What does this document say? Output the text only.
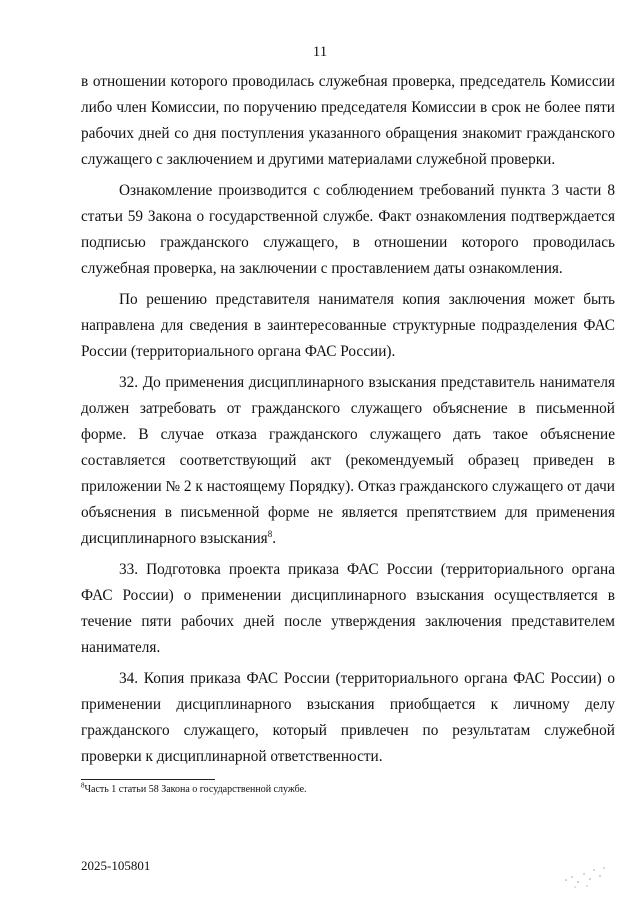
11

в отношении которого проводилась служебная проверка, председатель Комиссии либо член Комиссии, по поручению председателя Комиссии в срок не более пяти рабочих дней со дня поступления указанного обращения знакомит гражданского служащего с заключением и другими материалами служебной проверки.

Ознакомление производится с соблюдением требований пункта 3 части 8 статьи 59 Закона о государственной службе. Факт ознакомления подтверждается подписью гражданского служащего, в отношении которого проводилась служебная проверка, на заключении с проставлением даты ознакомления.

По решению представителя нанимателя копия заключения может быть направлена для сведения в заинтересованные структурные подразделения ФАС России (территориального органа ФАС России).

32. До применения дисциплинарного взыскания представитель нанимателя должен затребовать от гражданского служащего объяснение в письменной форме. В случае отказа гражданского служащего дать такое объяснение составляется соответствующий акт (рекомендуемый образец приведен в приложении № 2 к настоящему Порядку). Отказ гражданского служащего от дачи объяснения в письменной форме не является препятствием для применения дисциплинарного взыскания$^8$.

33. Подготовка проекта приказа ФАС России (территориального органа ФАС России) о применении дисциплинарного взыскания осуществляется в течение пяти рабочих дней после утверждения заключения представителем нанимателя.

34. Копия приказа ФАС России (территориального органа ФАС России) о применении дисциплинарного взыскания приобщается к личному делу гражданского служащего, который привлечен по результатам служебной проверки к дисциплинарной ответственности.

$^8$Часть 1 статьи 58 Закона о государственной службе.
2025-105801
